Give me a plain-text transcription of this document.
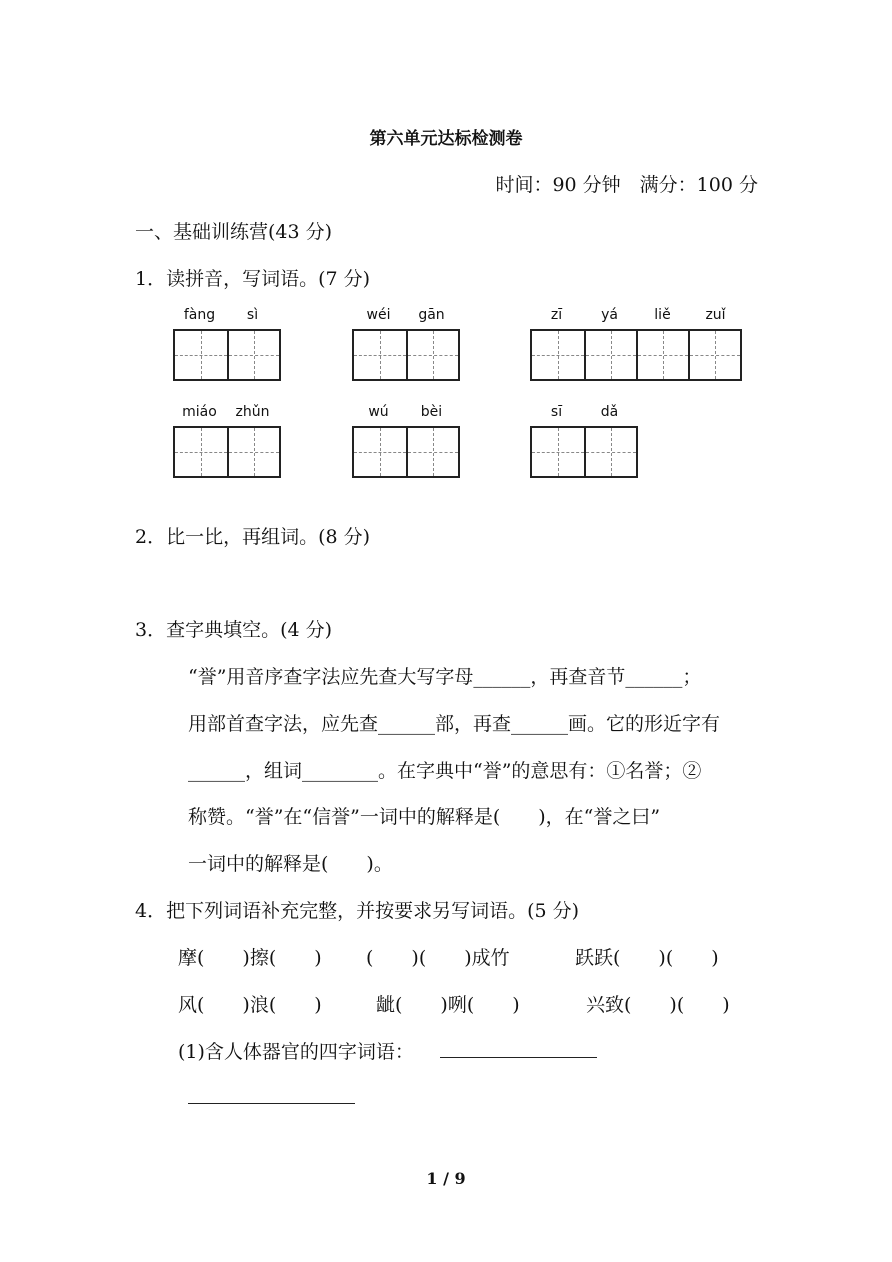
第六单元达标检测卷
时间：90 分钟　满分：100 分
一、基础训练营(43 分)
1．读拼音，写词语。(7 分)
fàng	sì	wéi	gān	zī	yá	liě	zuǐ
miáo	zhǔn	wú	bèi	sī	dǎ
2．比一比，再组词。(8 分)
3．查字典填空。(4 分)
“誉”用音序查字法应先查大写字母______，再查音节______；
用部首查字法，应先查______部，再查______画。它的形近字有
______，组词________。在字典中“誉”的意思有：①名誉；②
称赞。“誉”在“信誉”一词中的解释是(　　)，在“誉之曰”
一词中的解释是(　　)。
4．把下列词语补充完整，并按要求另写词语。(5 分)
摩(　　)擦(　　) (　　)(　　)成竹	跃跃(　　)(　　)
风(　　)浪(　　)	龇(　　)咧(　　)	兴致(　　)(　　)
(1)含人体器官的四字词语：
1 / 9
